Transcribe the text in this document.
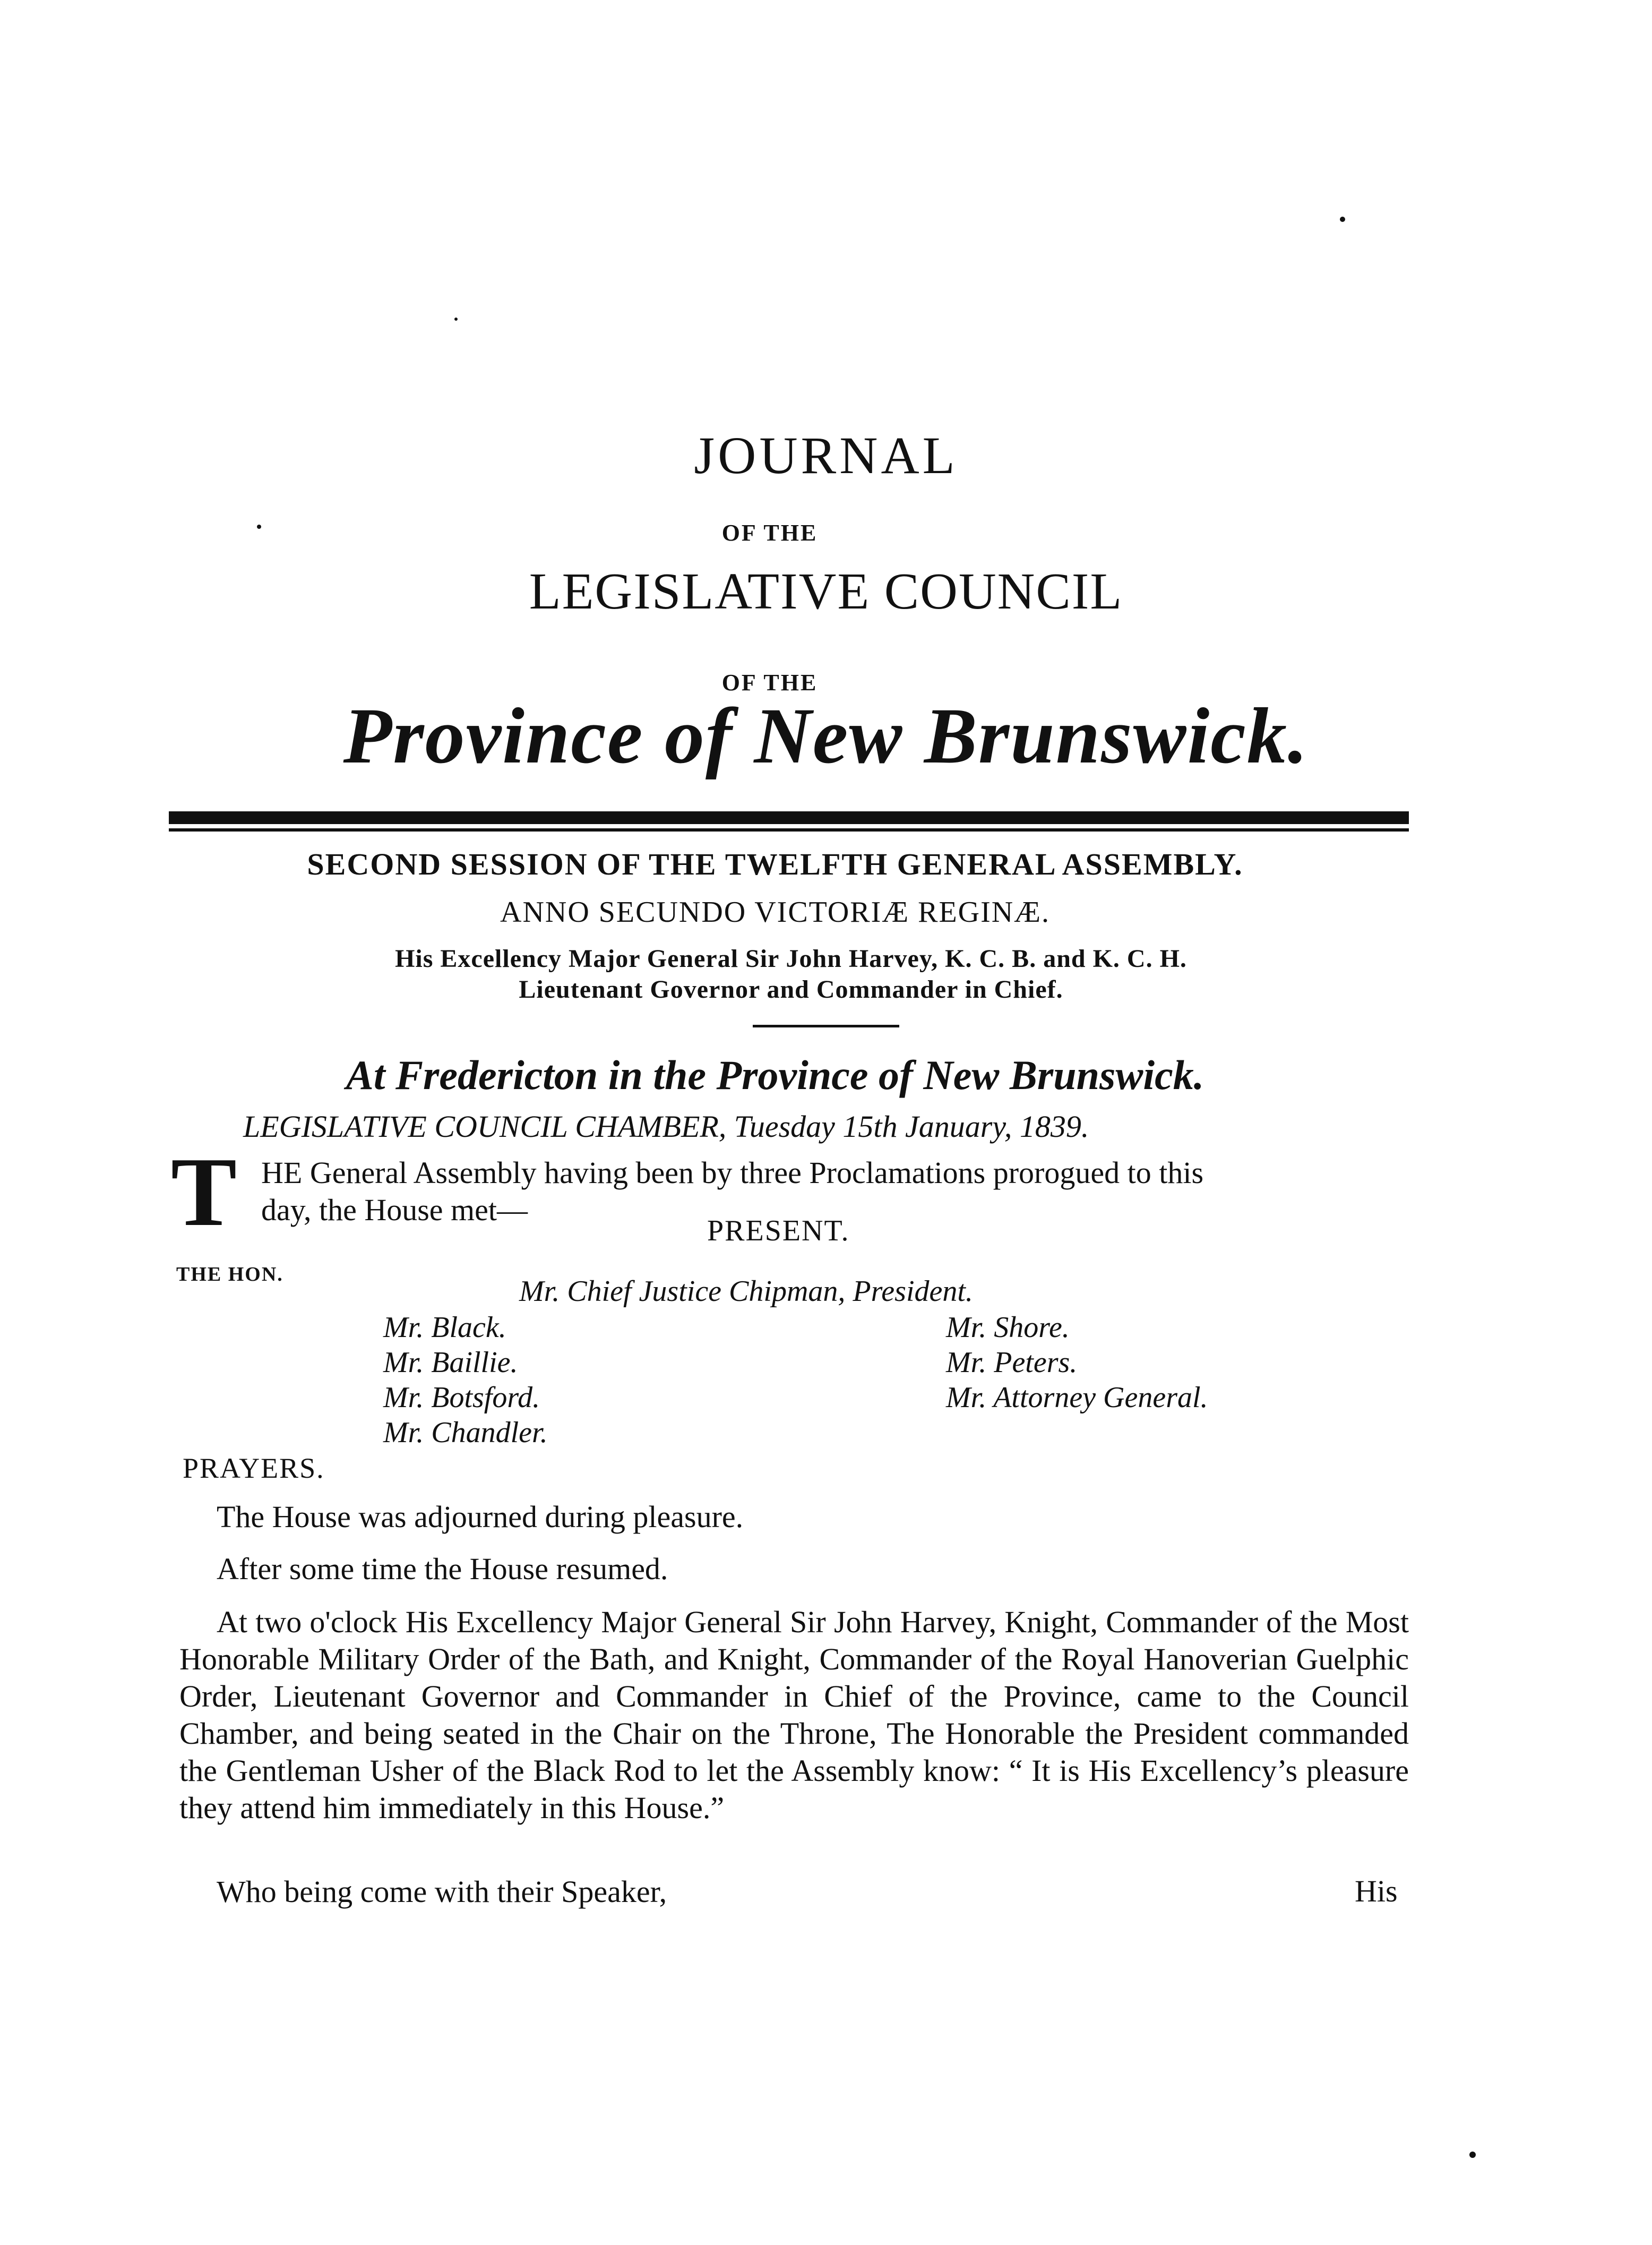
JOURNAL
OF THE
LEGISLATIVE COUNCIL
OF THE
Province of New Brunswick.
SECOND SESSION OF THE TWELFTH GENERAL ASSEMBLY.
ANNO SECUNDO VICTORIÆ REGINÆ.
His Excellency Major General Sir John Harvey, K. C. B. and K. C. H.
Lieutenant Governor and Commander in Chief.
At Fredericton in the Province of New Brunswick.
LEGISLATIVE COUNCIL CHAMBER, Tuesday 15th January, 1839.
T HE General Assembly having been by three Proclamations prorogued to this
day, the House met—
PRESENT.
THE HON.
Mr. Chief Justice Chipman, President.
Mr. Black.
Mr. Baillie.
Mr. Botsford.
Mr. Chandler.
Mr. Shore.
Mr. Peters.
Mr. Attorney General.
PRAYERS.
The House was adjourned during pleasure.
After some time the House resumed.
At two o'clock His Excellency Major General Sir John Harvey, Knight, Commander of the Most Honorable Military Order of the Bath, and Knight, Commander of the Royal Hanoverian Guelphic Order, Lieutenant Governor and Commander in Chief of the Province, came to the Council Chamber, and being seated in the Chair on the Throne, The Honorable the President commanded the Gentleman Usher of the Black Rod to let the Assembly know: “ It is His Excellency’s pleasure they attend him immediately in this House.”
Who being come with their Speaker,	His
